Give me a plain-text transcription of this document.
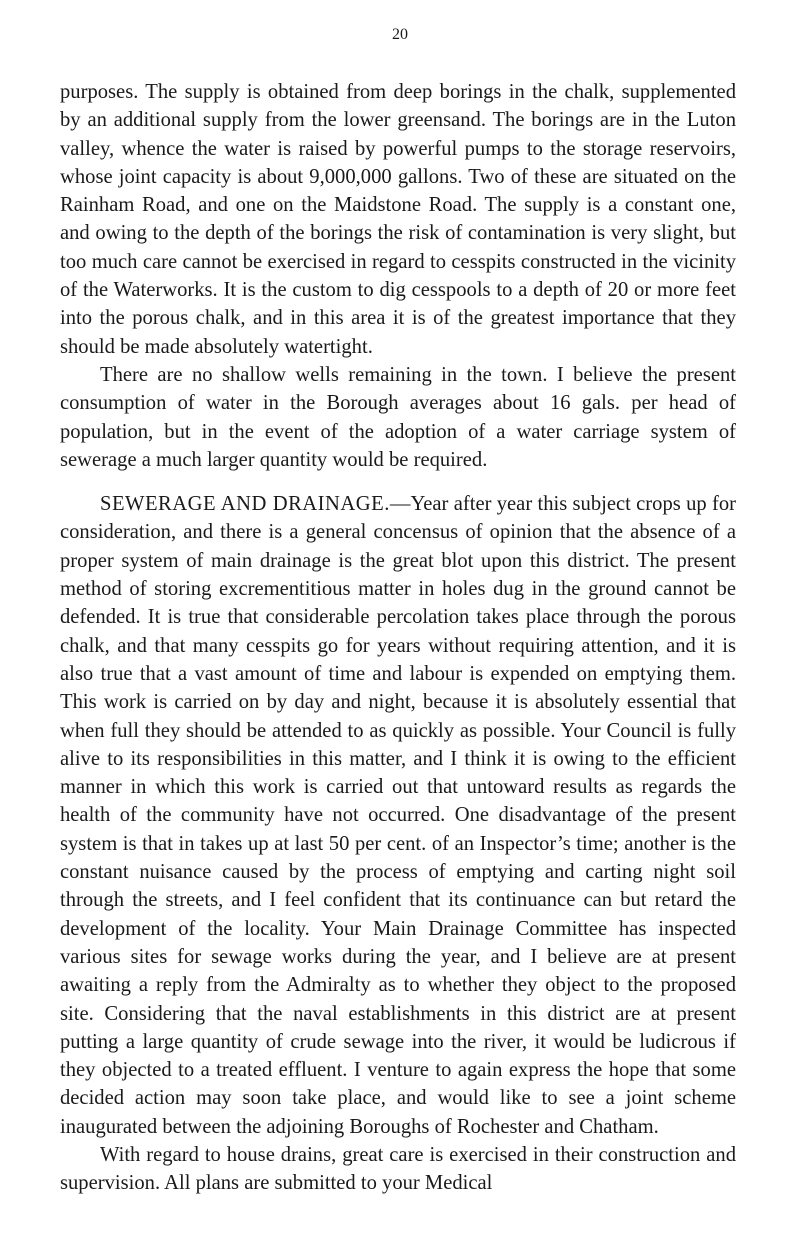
20

purposes. The supply is obtained from deep borings in the chalk, supplemented by an additional supply from the lower greensand. The borings are in the Luton valley, whence the water is raised by powerful pumps to the storage reservoirs, whose joint capacity is about 9,000,000 gallons. Two of these are situated on the Rainham Road, and one on the Maidstone Road. The supply is a constant one, and owing to the depth of the borings the risk of contamination is very slight, but too much care cannot be exercised in regard to cesspits constructed in the vicinity of the Waterworks. It is the custom to dig cesspools to a depth of 20 or more feet into the porous chalk, and in this area it is of the greatest importance that they should be made absolutely watertight.

There are no shallow wells remaining in the town. I believe the present consumption of water in the Borough averages about 16 gals. per head of population, but in the event of the adoption of a water carriage system of sewerage a much larger quantity would be required.

SEWERAGE AND DRAINAGE.—Year after year this subject crops up for consideration, and there is a general concensus of opinion that the absence of a proper system of main drainage is the great blot upon this district. The present method of storing excrementitious matter in holes dug in the ground cannot be defended. It is true that considerable percolation takes place through the porous chalk, and that many cesspits go for years without requiring attention, and it is also true that a vast amount of time and labour is expended on emptying them. This work is carried on by day and night, because it is absolutely essential that when full they should be attended to as quickly as possible. Your Council is fully alive to its responsibilities in this matter, and I think it is owing to the efficient manner in which this work is carried out that untoward results as regards the health of the community have not occurred. One disadvantage of the present system is that in takes up at last 50 per cent. of an Inspector’s time; another is the constant nuisance caused by the process of emptying and carting night soil through the streets, and I feel confident that its continuance can but retard the development of the locality. Your Main Drainage Committee has inspected various sites for sewage works during the year, and I believe are at present awaiting a reply from the Admiralty as to whether they object to the proposed site. Considering that the naval establishments in this district are at present putting a large quantity of crude sewage into the river, it would be ludicrous if they objected to a treated effluent. I venture to again express the hope that some decided action may soon take place, and would like to see a joint scheme inaugurated between the adjoining Boroughs of Rochester and Chatham.

With regard to house drains, great care is exercised in their construction and supervision. All plans are submitted to your Medical
